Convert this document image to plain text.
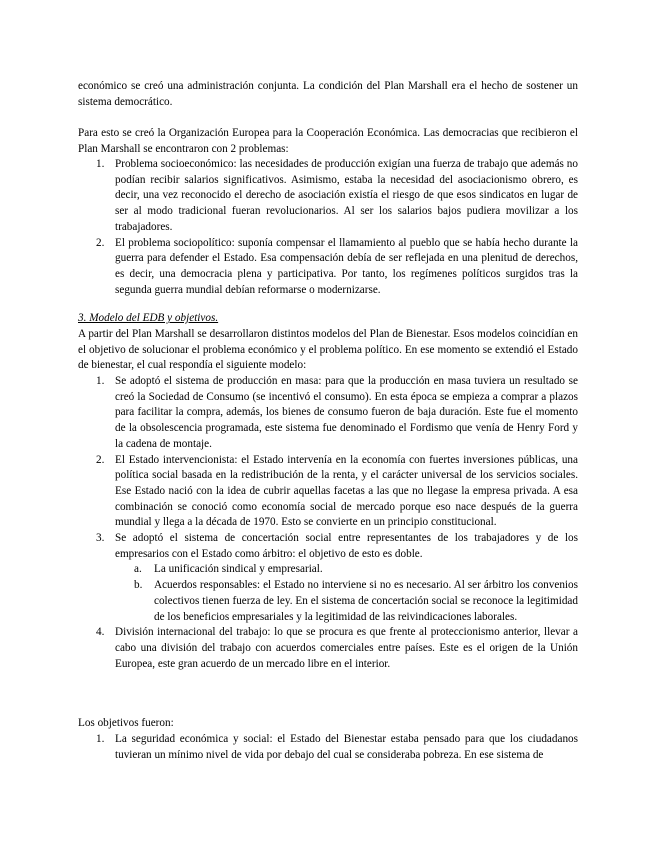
económico se creó una administración conjunta. La condición del Plan Marshall era el hecho de sostener un sistema democrático.

Para esto se creó la Organización Europea para la Cooperación Económica. Las democracias que recibieron el Plan Marshall se encontraron con 2 problemas:

1. Problema socioeconómico: las necesidades de producción exigían una fuerza de trabajo que además no podían recibir salarios significativos. Asimismo, estaba la necesidad del asociacionismo obrero, es decir, una vez reconocido el derecho de asociación existía el riesgo de que esos sindicatos en lugar de ser al modo tradicional fueran revolucionarios. Al ser los salarios bajos pudiera movilizar a los trabajadores.
2. El problema sociopolítico: suponía compensar el llamamiento al pueblo que se había hecho durante la guerra para defender el Estado. Esa compensación debía de ser reflejada en una plenitud de derechos, es decir, una democracia plena y participativa. Por tanto, los regímenes políticos surgidos tras la segunda guerra mundial debían reformarse o modernizarse.

3. Modelo del EDB y objetivos.

A partir del Plan Marshall se desarrollaron distintos modelos del Plan de Bienestar. Esos modelos coincidían en el objetivo de solucionar el problema económico y el problema político. En ese momento se extendió el Estado de bienestar, el cual respondía el siguiente modelo:

1. Se adoptó el sistema de producción en masa: para que la producción en masa tuviera un resultado se creó la Sociedad de Consumo (se incentivó el consumo). En esta época se empieza a comprar a plazos para facilitar la compra, además, los bienes de consumo fueron de baja duración. Este fue el momento de la obsolescencia programada, este sistema fue denominado el Fordismo que venía de Henry Ford y la cadena de montaje.
2. El Estado intervencionista: el Estado intervenía en la economía con fuertes inversiones públicas, una política social basada en la redistribución de la renta, y el carácter universal de los servicios sociales. Ese Estado nació con la idea de cubrir aquellas facetas a las que no llegase la empresa privada. A esa combinación se conoció como economía social de mercado porque eso nace después de la guerra mundial y llega a la década de 1970. Esto se convierte en un principio constitucional.
3. Se adoptó el sistema de concertación social entre representantes de los trabajadores y de los empresarios con el Estado como árbitro: el objetivo de esto es doble.
a. La unificación sindical y empresarial.
b. Acuerdos responsables: el Estado no interviene si no es necesario. Al ser árbitro los convenios colectivos tienen fuerza de ley. En el sistema de concertación social se reconoce la legitimidad de los beneficios empresariales y la legitimidad de las reivindicaciones laborales.
4. División internacional del trabajo: lo que se procura es que frente al proteccionismo anterior, llevar a cabo una división del trabajo con acuerdos comerciales entre países. Este es el origen de la Unión Europea, este gran acuerdo de un mercado libre en el interior.

Los objetivos fueron:

1. La seguridad económica y social: el Estado del Bienestar estaba pensado para que los ciudadanos tuvieran un mínimo nivel de vida por debajo del cual se consideraba pobreza. En ese sistema de
